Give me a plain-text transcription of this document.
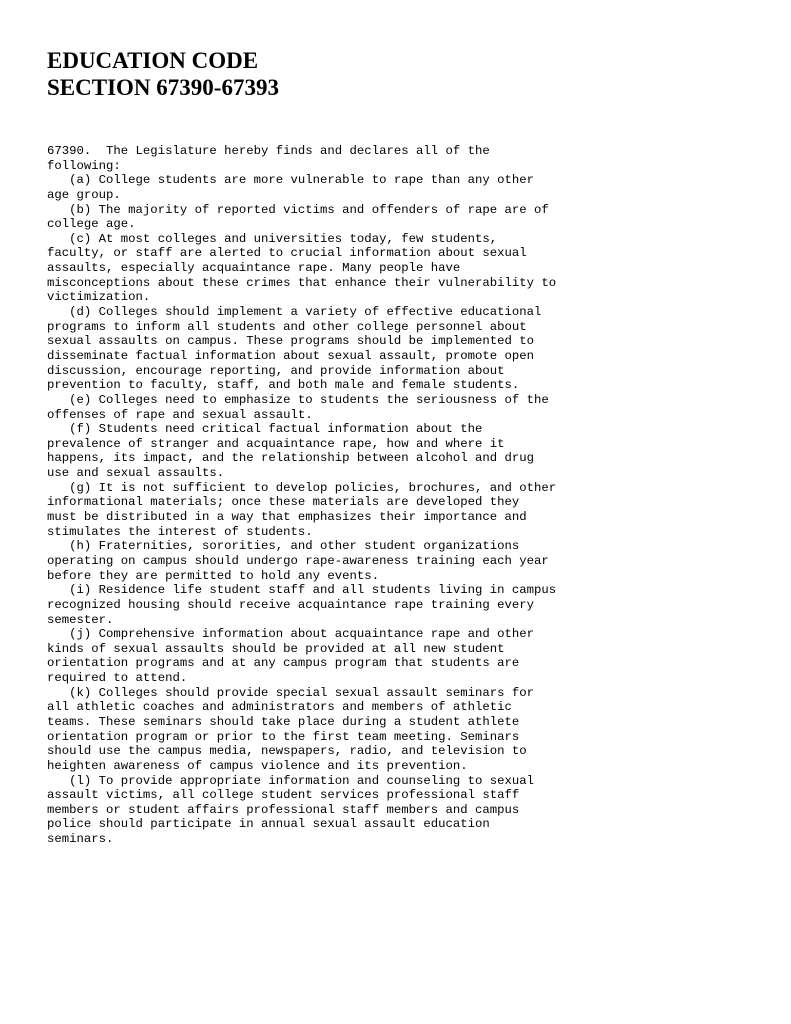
EDUCATION CODE
SECTION 67390-67393
67390.  The Legislature hereby finds and declares all of the
following:
(a) College students are more vulnerable to rape than any other
age group.
(b) The majority of reported victims and offenders of rape are of
college age.
(c) At most colleges and universities today, few students,
faculty, or staff are alerted to crucial information about sexual
assaults, especially acquaintance rape. Many people have
misconceptions about these crimes that enhance their vulnerability to
victimization.
(d) Colleges should implement a variety of effective educational
programs to inform all students and other college personnel about
sexual assaults on campus. These programs should be implemented to
disseminate factual information about sexual assault, promote open
discussion, encourage reporting, and provide information about
prevention to faculty, staff, and both male and female students.
(e) Colleges need to emphasize to students the seriousness of the
offenses of rape and sexual assault.
(f) Students need critical factual information about the
prevalence of stranger and acquaintance rape, how and where it
happens, its impact, and the relationship between alcohol and drug
use and sexual assaults.
(g) It is not sufficient to develop policies, brochures, and other
informational materials; once these materials are developed they
must be distributed in a way that emphasizes their importance and
stimulates the interest of students.
(h) Fraternities, sororities, and other student organizations
operating on campus should undergo rape-awareness training each year
before they are permitted to hold any events.
(i) Residence life student staff and all students living in campus
recognized housing should receive acquaintance rape training every
semester.
(j) Comprehensive information about acquaintance rape and other
kinds of sexual assaults should be provided at all new student
orientation programs and at any campus program that students are
required to attend.
(k) Colleges should provide special sexual assault seminars for
all athletic coaches and administrators and members of athletic
teams. These seminars should take place during a student athlete
orientation program or prior to the first team meeting. Seminars
should use the campus media, newspapers, radio, and television to
heighten awareness of campus violence and its prevention.
(l) To provide appropriate information and counseling to sexual
assault victims, all college student services professional staff
members or student affairs professional staff members and campus
police should participate in annual sexual assault education
seminars.
